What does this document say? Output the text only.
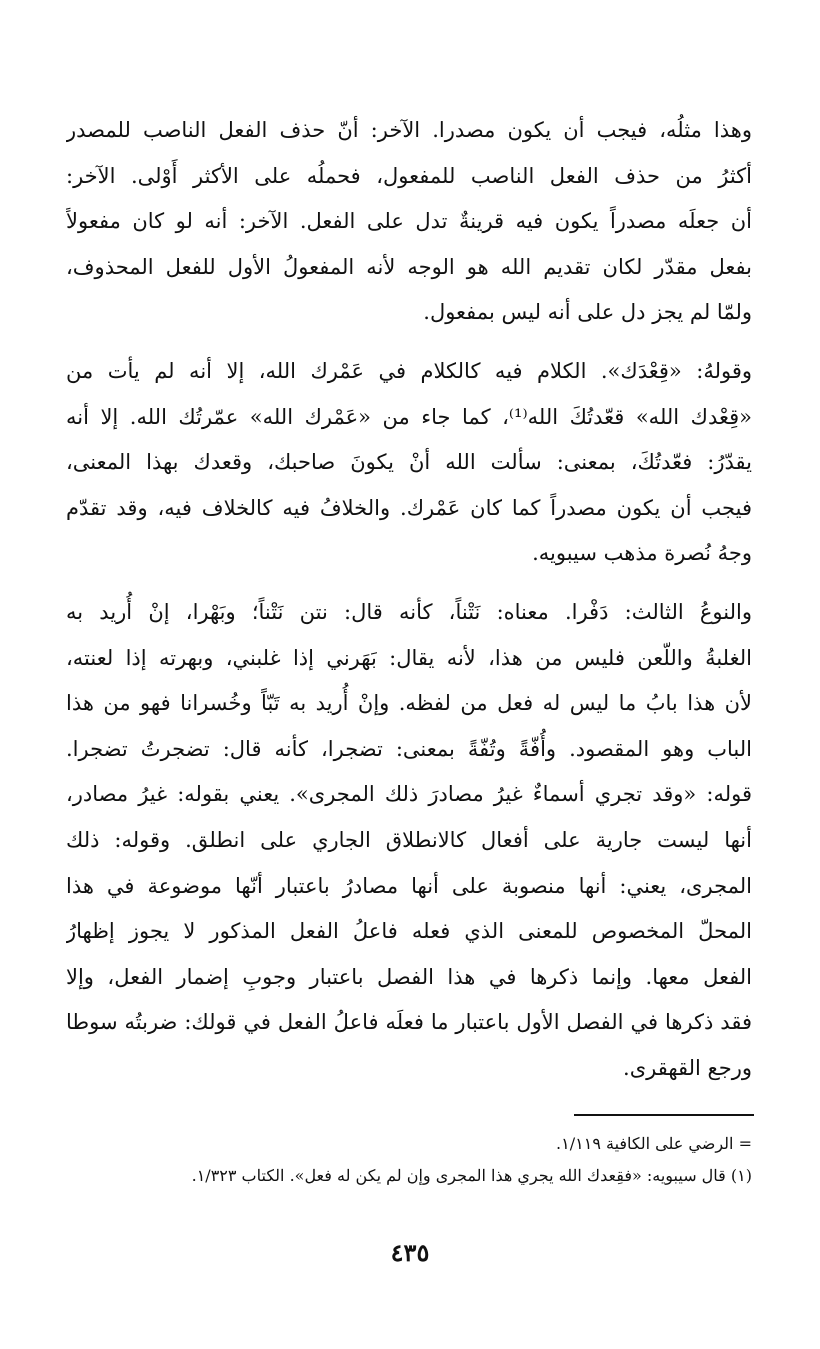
وهذا مثلُه، فيجب أن يكون مصدرا. الآخر: أنّ حذف الفعل الناصب للمصدر
أكثرُ من حذف الفعل الناصب للمفعول، فحملُه على الأكثر أَوْلى. الآخر:
أن جعلَه مصدراً يكون فيه قرينةٌ تدل على الفعل. الآخر: أنه لو كان مفعولاً
بفعل مقدّر لكان تقديم الله هو الوجه لأنه المفعولُ الأول للفعل المحذوف،
ولمّا لم يجز دل على أنه ليس بمفعول.
وقولهُ: «قِعْدَك». الكلام فيه كالكلام في عَمْرك الله، إلا أنه لم يأت من
«قِعْدك الله» قعّدتُكَ الله⁽¹⁾، كما جاء من «عَمْرك الله» عمّرتُك الله. إلا أنه
يقدّرُ: فعّدتُكَ، بمعنى: سألت الله أنْ يكونَ صاحبك، وقعدك بهذا المعنى،
فيجب أن يكون مصدراً كما كان عَمْرك. والخلافُ فيه كالخلاف فيه، وقد تقدّم
وجهُ نُصرة مذهب سيبويه.
والنوعُ الثالث: دَفْرا. معناه: نَتْناً، كأنه قال: نتن نَتْناً؛ وبَهْرا، إنْ أُريد به
الغلبةُ واللّعن فليس من هذا، لأنه يقال: بَهَرني إذا غلبني، وبهرته إذا لعنته،
لأن هذا بابُ ما ليس له فعل من لفظه. وإنْ أُريد به تَبّاً وخُسرانا فهو من هذا
الباب وهو المقصود. وأُفّةً وتُفّةً بمعنى: تضجرا، كأنه قال: تضجرتُ تضجرا.
قوله: «وقد تجري أسماءٌ غيرُ مصادرَ ذلك المجرى». يعني بقوله: غيرُ مصادر،
أنها ليست جارية على أفعال كالانطلاق الجاري على انطلق. وقوله: ذلك
المجرى، يعني: أنها منصوبة على أنها مصادرُ باعتبار أنّها موضوعة في هذا
المحلّ المخصوص للمعنى الذي فعله فاعلُ الفعل المذكور لا يجوز إظهارُ
الفعل معها. وإنما ذكرها في هذا الفصل باعتبار وجوبِ إضمار الفعل، وإلا
فقد ذكرها في الفصل الأول باعتبار ما فعلَه فاعلُ الفعل في قولك: ضربتُه سوطا
ورجع القهقرى.
= الرضي على الكافية ١/١١٩.
(١) قال سيبويه: «فقِعدك الله يجري هذا المجرى وإن لم يكن له فعل». الكتاب ١/٣٢٣.
٤٣٥
